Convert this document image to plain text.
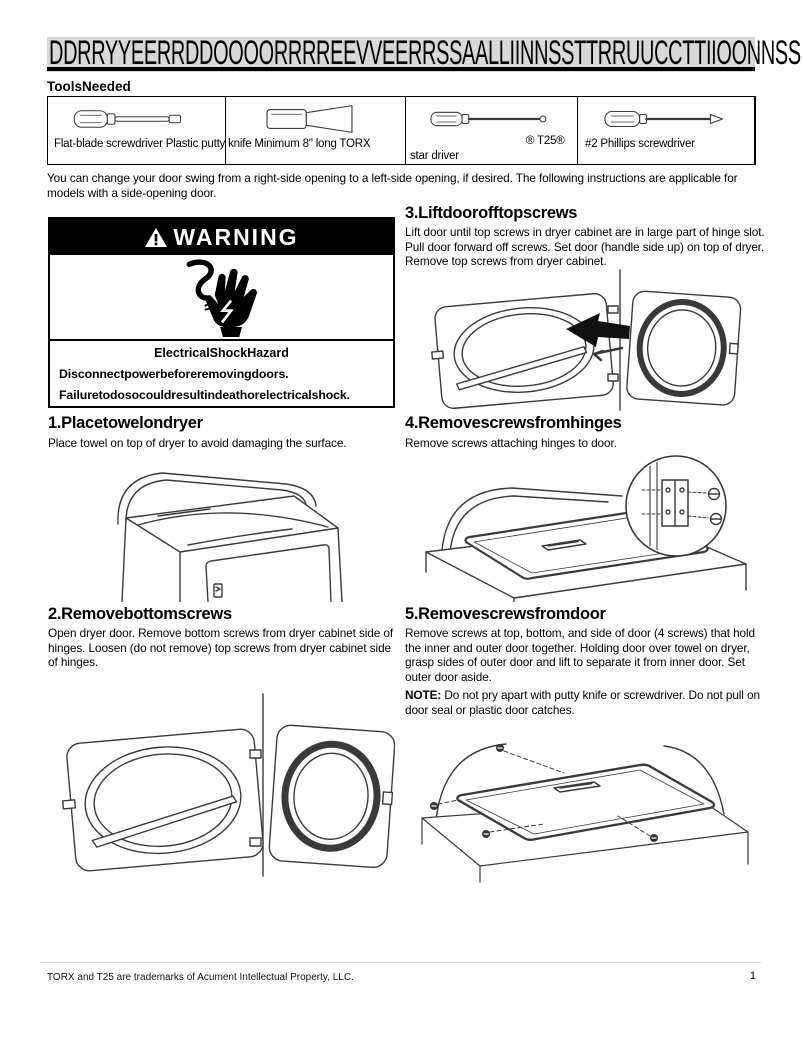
DDRRYYEERRDDOOOORRRREEVVEERRSSAALLIINNSSTTRRUUCCTTIIOONNSS
ToolsNeeded
Flat-blade screwdriver Plastic putty knife Minimum 8" long TORX	® T25®
star driver
#2 Phillips screwdriver
You can change your door swing from a right-side opening to a left-side opening, if desired. The following instructions are applicable for models with a side-opening door.
WARNING
ElectricalShockHazard
Disconnectpowerbeforeremovingdoors.
Failuretodosocouldresultindeathorelectricalshock.
1.Placetowelondryer
Place towel on top of dryer to avoid damaging the surface.
2.Removebottomscrews
Open dryer door. Remove bottom screws from dryer cabinet side of hinges. Loosen (do not remove) top screws from dryer cabinet side of hinges.
3.Liftdoorofftopscrews
Lift door until top screws in dryer cabinet are in large part of hinge slot. Pull door forward off screws. Set door (handle side up) on top of dryer. Remove top screws from dryer cabinet.
4.Removescrewsfromhinges
Remove screws attaching hinges to door.
5.Removescrewsfromdoor
Remove screws at top, bottom, and side of door (4 screws) that hold the inner and outer door together. Holding door over towel on dryer, grasp sides of outer door and lift to separate it from inner door. Set outer door aside.
NOTE: Do not pry apart with putty knife or screwdriver. Do not pull on door seal or plastic door catches.
TORX and T25 are trademarks of Acument Intellectual Property, LLC.	1
